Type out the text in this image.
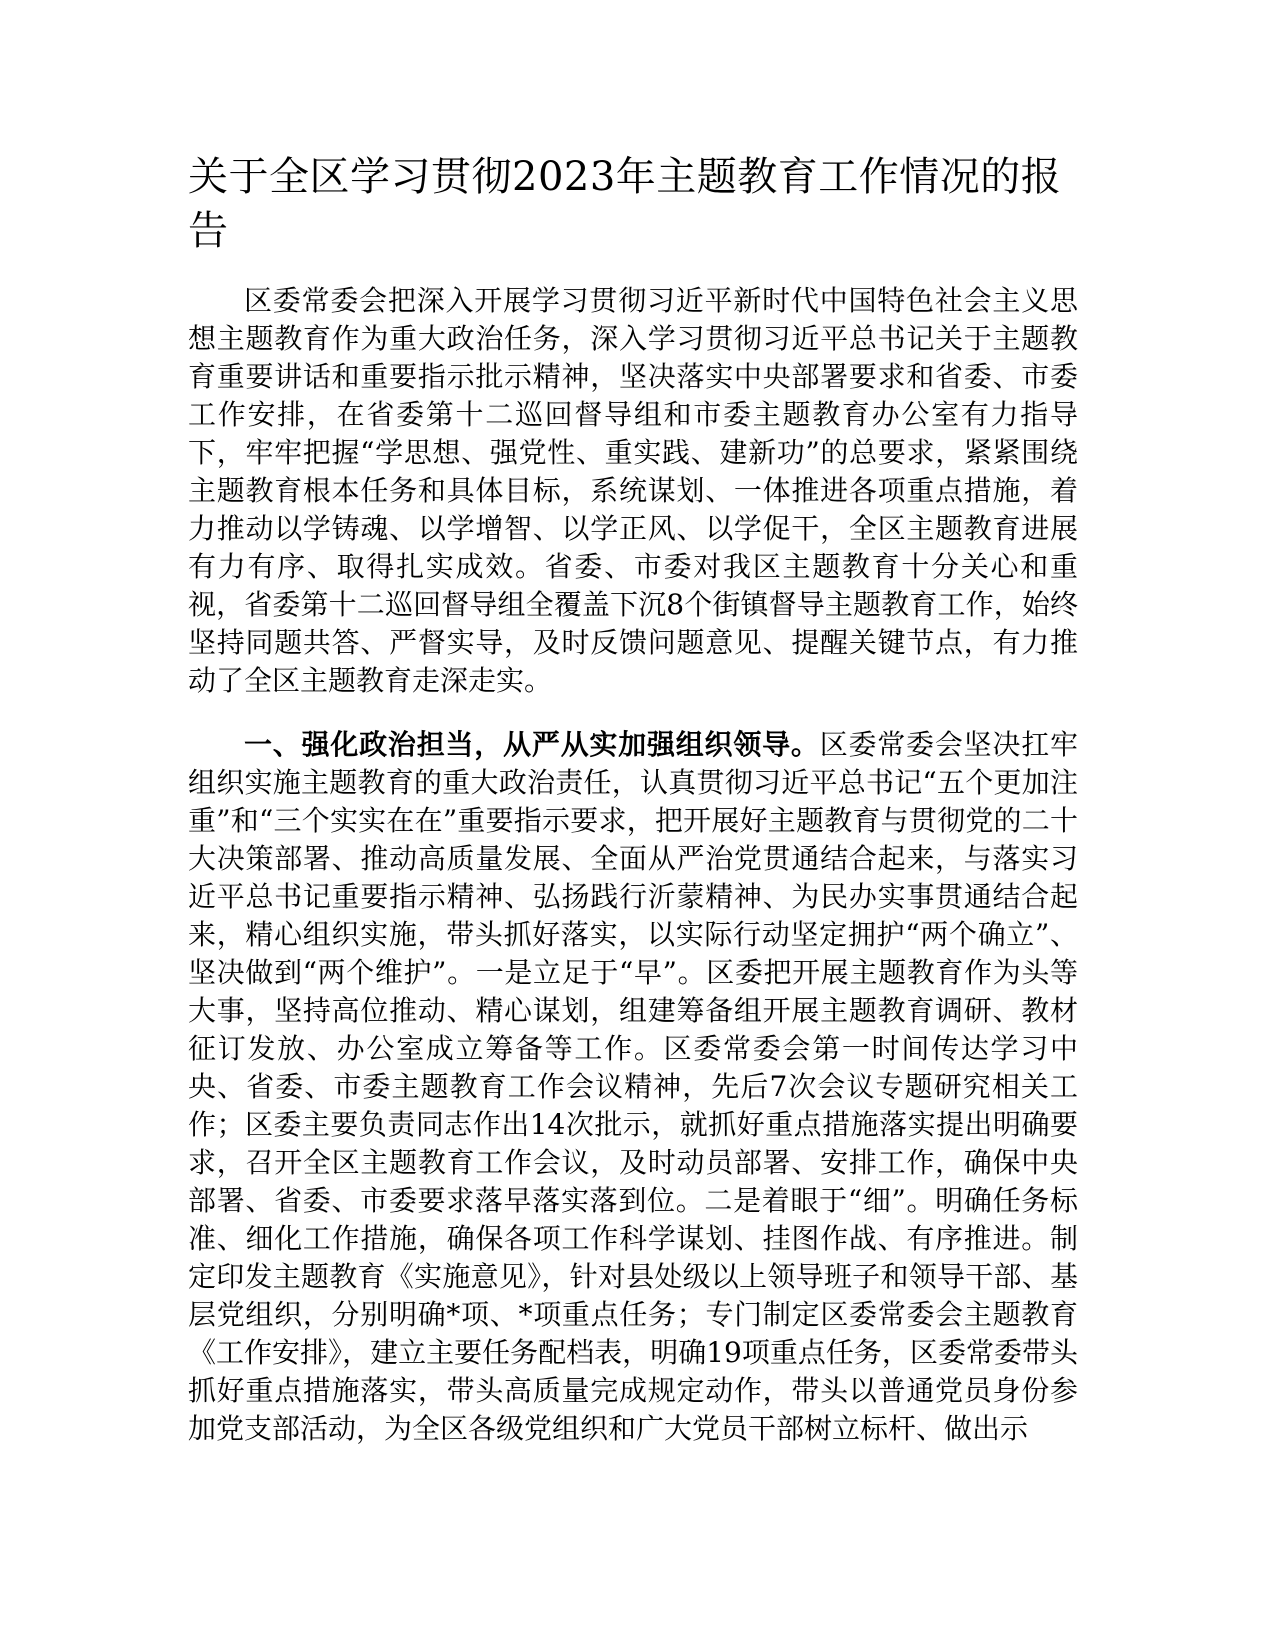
关于全区学习贯彻2023年主题教育工作情况的报告

区委常委会把深入开展学习贯彻习近平新时代中国特色社会主义思想主题教育作为重大政治任务，深入学习贯彻习近平总书记关于主题教育重要讲话和重要指示批示精神，坚决落实中央部署要求和省委、市委工作安排，在省委第十二巡回督导组和市委主题教育办公室有力指导下，牢牢把握“学思想、强党性、重实践、建新功”的总要求，紧紧围绕主题教育根本任务和具体目标，系统谋划、一体推进各项重点措施，着力推动以学铸魂、以学增智、以学正风、以学促干，全区主题教育进展有力有序、取得扎实成效。省委、市委对我区主题教育十分关心和重视，省委第十二巡回督导组全覆盖下沉8个街镇督导主题教育工作，始终坚持同题共答、严督实导，及时反馈问题意见、提醒关键节点，有力推动了全区主题教育走深走实。

一、强化政治担当，从严从实加强组织领导。区委常委会坚决扛牢组织实施主题教育的重大政治责任，认真贯彻习近平总书记“五个更加注重”和“三个实实在在”重要指示要求，把开展好主题教育与贯彻党的二十大决策部署、推动高质量发展、全面从严治党贯通结合起来，与落实习近平总书记重要指示精神、弘扬践行沂蒙精神、为民办实事贯通结合起来，精心组织实施，带头抓好落实，以实际行动坚定拥护“两个确立”、坚决做到“两个维护”。一是立足于“早”。区委把开展主题教育作为头等大事，坚持高位推动、精心谋划，组建筹备组开展主题教育调研、教材征订发放、办公室成立筹备等工作。区委常委会第一时间传达学习中央、省委、市委主题教育工作会议精神，先后7次会议专题研究相关工作；区委主要负责同志作出14次批示，就抓好重点措施落实提出明确要求，召开全区主题教育工作会议，及时动员部署、安排工作，确保中央部署、省委、市委要求落早落实落到位。二是着眼于“细”。明确任务标准、细化工作措施，确保各项工作科学谋划、挂图作战、有序推进。制定印发主题教育《实施意见》，针对县处级以上领导班子和领导干部、基层党组织，分别明确*项、*项重点任务；专门制定区委常委会主题教育《工作安排》，建立主要任务配档表，明确19项重点任务，区委常委带头抓好重点措施落实，带头高质量完成规定动作，带头以普通党员身份参加党支部活动，为全区各级党组织和广大党员干部树立标杆、做出示
